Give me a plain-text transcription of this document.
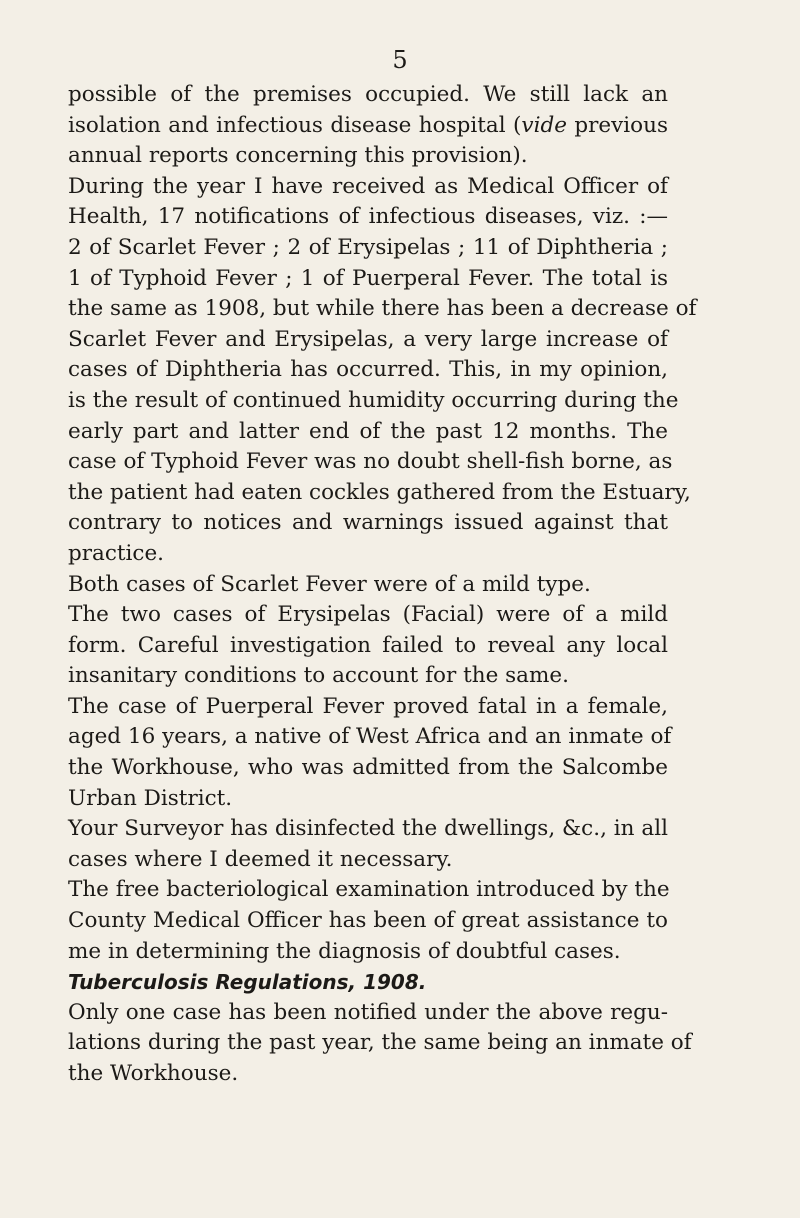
5
possible of the premises occupied. We still lack an
isolation and infectious disease hospital (vide previous
annual reports concerning this provision).
During the year I have received as Medical Officer of
Health, 17 notifications of infectious diseases, viz. :—
2 of Scarlet Fever ; 2 of Erysipelas ; 11 of Diphtheria ;
1 of Typhoid Fever ; 1 of Puerperal Fever. The total is
the same as 1908, but while there has been a decrease of
Scarlet Fever and Erysipelas, a very large increase of
cases of Diphtheria has occurred. This, in my opinion,
is the result of continued humidity occurring during the
early part and latter end of the past 12 months. The
case of Typhoid Fever was no doubt shell-fish borne, as
the patient had eaten cockles gathered from the Estuary,
contrary to notices and warnings issued against that
practice.
Both cases of Scarlet Fever were of a mild type.
The two cases of Erysipelas (Facial) were of a mild
form. Careful investigation failed to reveal any local
insanitary conditions to account for the same.
The case of Puerperal Fever proved fatal in a female,
aged 16 years, a native of West Africa and an inmate of
the Workhouse, who was admitted from the Salcombe
Urban District.
Your Surveyor has disinfected the dwellings, &c., in all
cases where I deemed it necessary.
The free bacteriological examination introduced by the
County Medical Officer has been of great assistance to
me in determining the diagnosis of doubtful cases.
Tuberculosis Regulations, 1908.
Only one case has been notified under the above regu-
lations during the past year, the same being an inmate of
the Workhouse.
